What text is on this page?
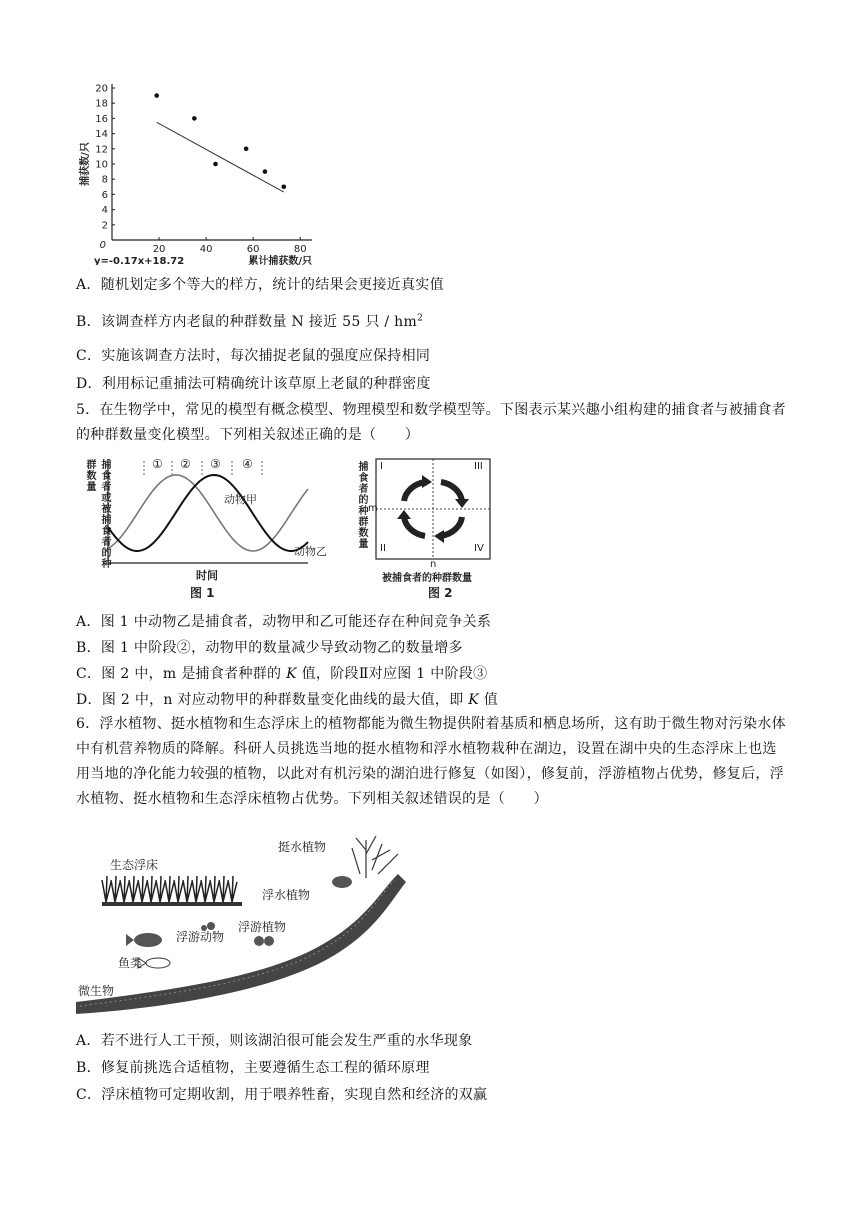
2
4
6
8
10
12
14
16
18
20
20	40	60	80
0
y=-0.17x+18.72	累计捕获数/只
捕获数/只
A．随机划定多个等大的样方，统计的结果会更接近真实值
B．该调查样方内老鼠的种群数量 N 接近 55 只 / $hm^2$
C．实施该调查方法时，每次捕捉老鼠的强度应保持相同
D．利用标记重捕法可精确统计该草原上老鼠的种群密度
5．在生物学中，常见的模型有概念模型、物理模型和数学模型等。下图表示某兴趣小组构建的捕食者与被捕食者的种群数量变化模型。下列相关叙述正确的是（　　）
捕食者或被捕食者的种群数量	① ② ③ ④
动物甲
动物乙
时间
图 1
捕食者的种群数量 I	III
II	IV
m
n
被捕食者的种群数量
图 2
A．图 1 中动物乙是捕食者，动物甲和乙可能还存在种间竞争关系
B．图 1 中阶段②，动物甲的数量减少导致动物乙的数量增多
C．图 2 中，m 是捕食者种群的 K 值，阶段Ⅱ对应图 1 中阶段③
D．图 2 中，n 对应动物甲的种群数量变化曲线的最大值，即 K 值
6．浮水植物、挺水植物和生态浮床上的植物都能为微生物提供附着基质和栖息场所，这有助于微生物对污染水体中有机营养物质的降解。科研人员挑选当地的挺水植物和浮水植物栽种在湖边，设置在湖中央的生态浮床上也选用当地的净化能力较强的植物，以此对有机污染的湖泊进行修复（如图），修复前，浮游植物占优势，修复后，浮水植物、挺水植物和生态浮床植物占优势。下列相关叙述错误的是（　　）
生态浮床
挺水植物
浮水植物
浮游动物
浮游植物
鱼类
微生物
A．若不进行人工干预，则该湖泊很可能会发生严重的水华现象
B．修复前挑选合适植物，主要遵循生态工程的循环原理
C．浮床植物可定期收割，用于喂养牲畜，实现自然和经济的双赢
